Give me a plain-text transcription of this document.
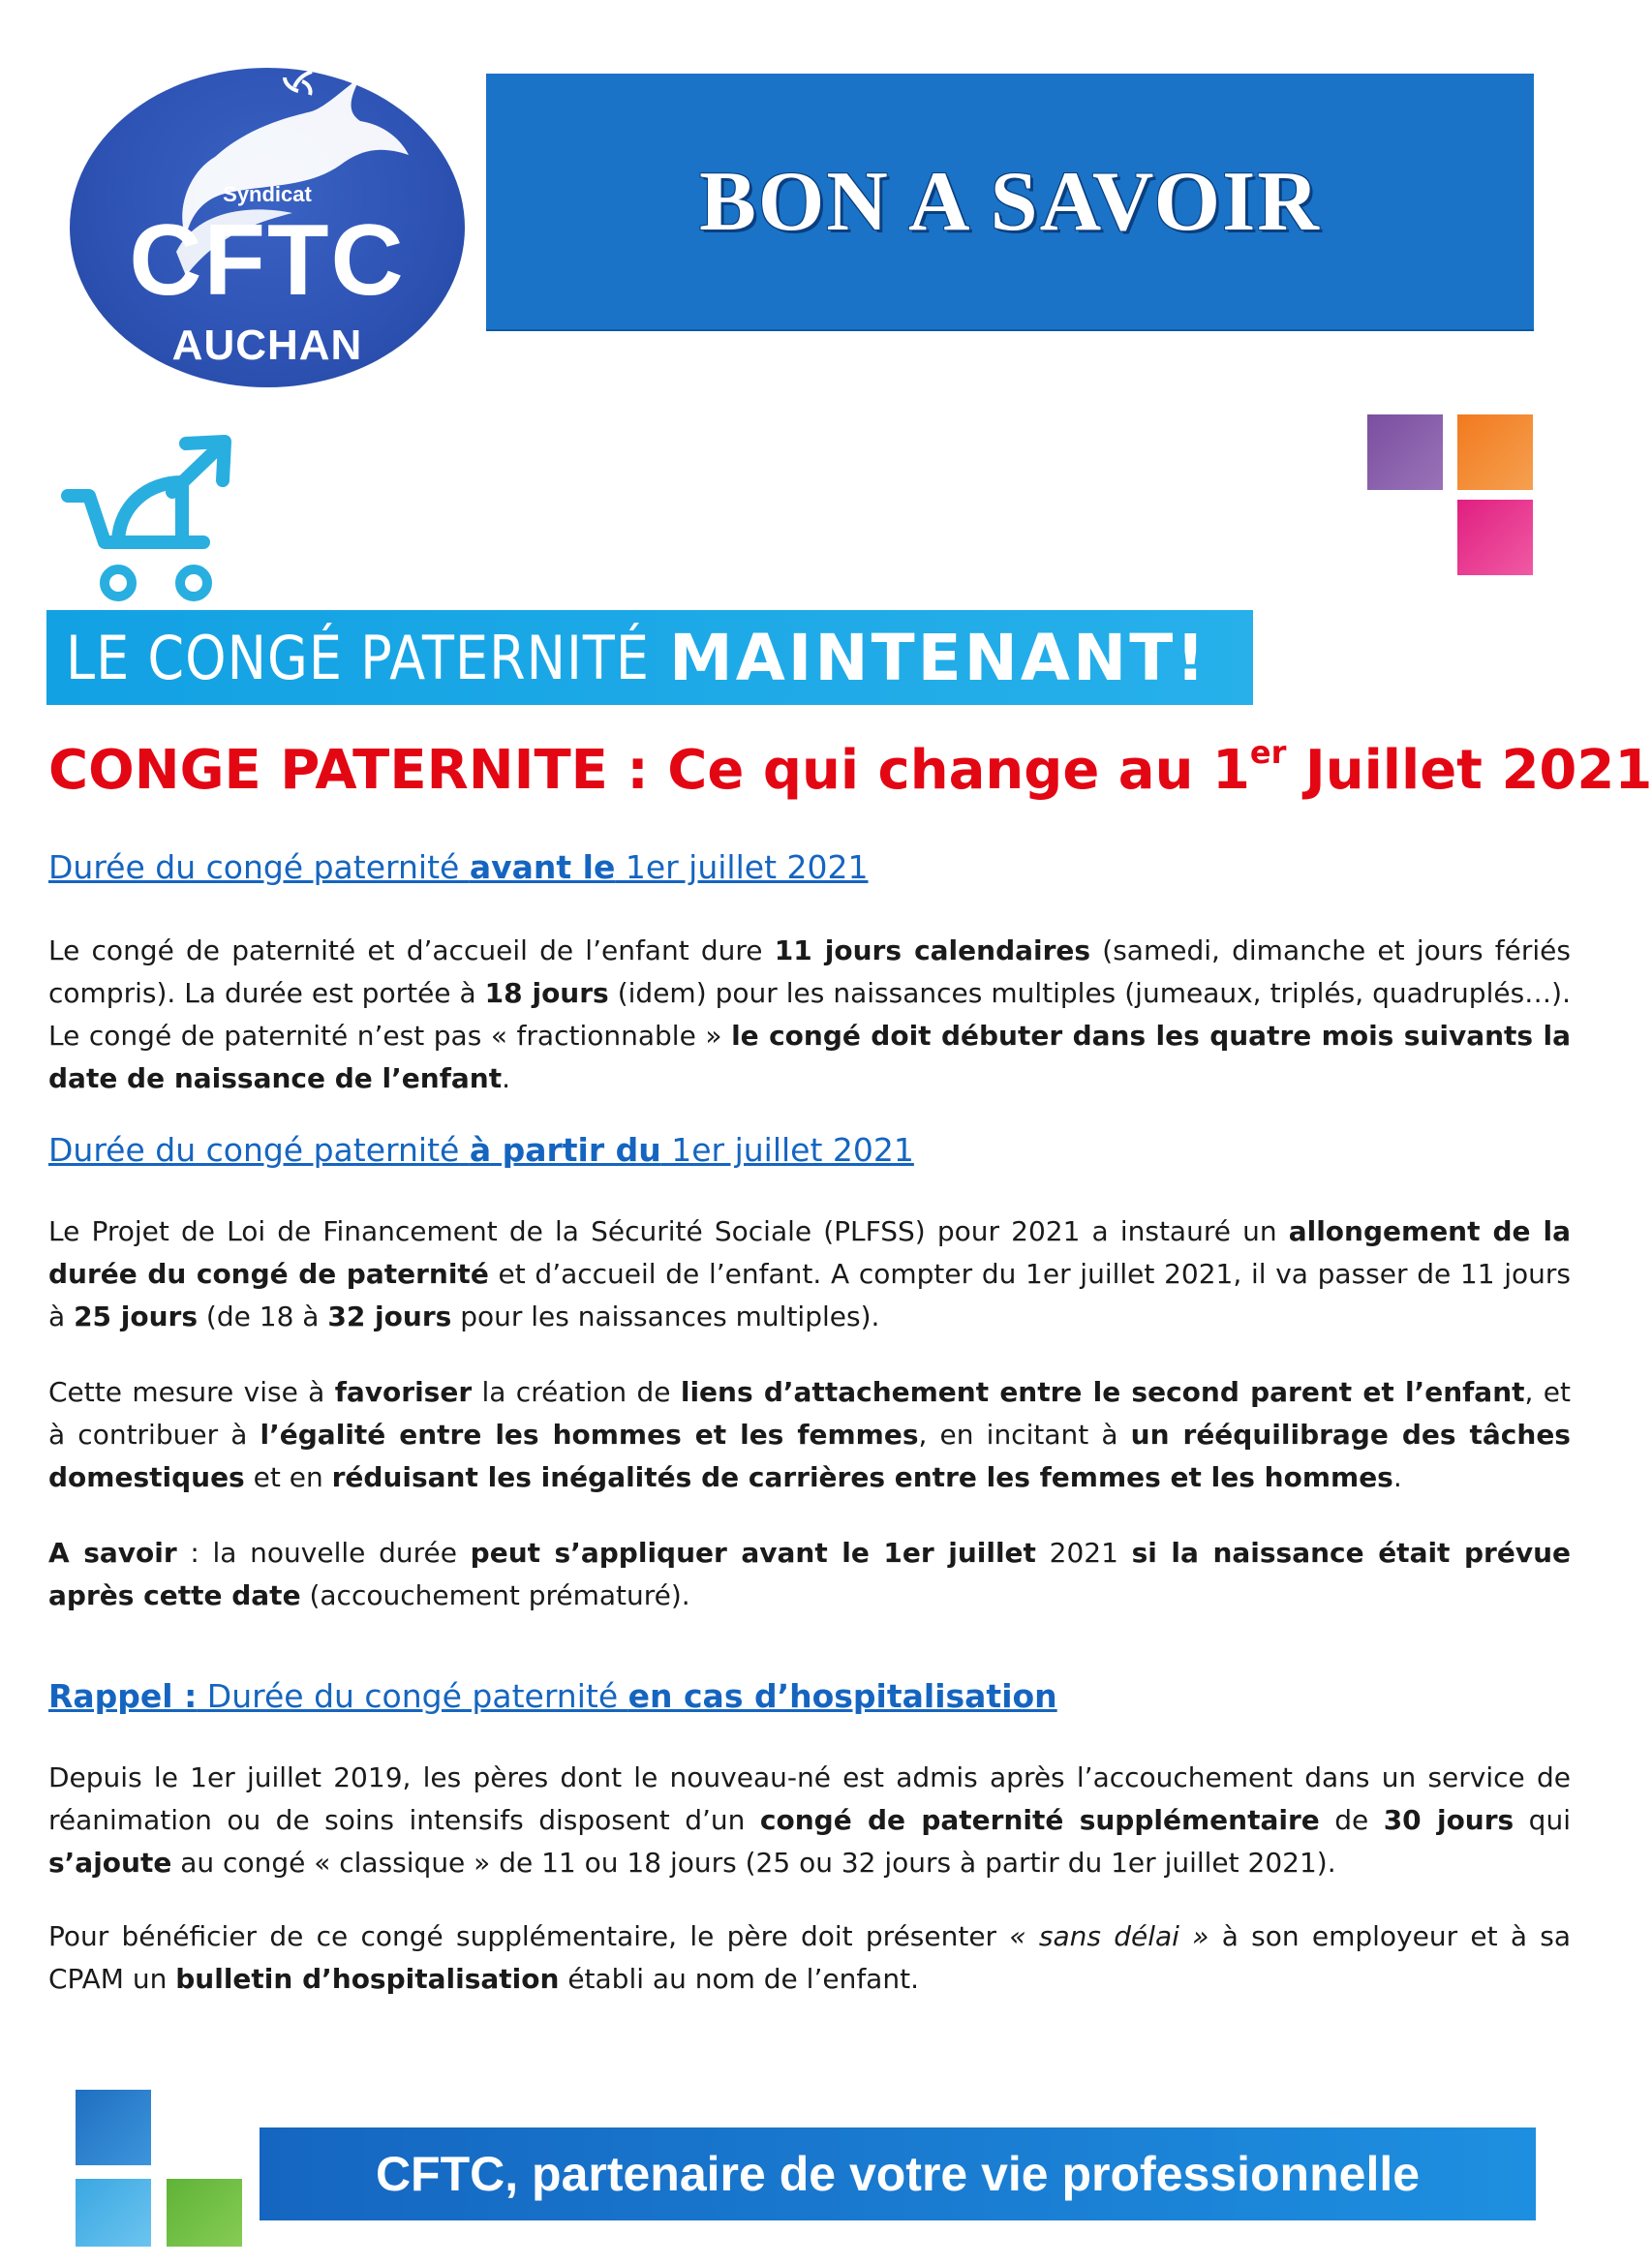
Syndicat
CFTC
AUCHAN
BON A SAVOIR
LE CONGÉ PATERNITÉ MAINTENANT!
CONGE PATERNITE : Ce qui change au 1er Juillet 2021
Durée du congé paternité avant le 1er juillet 2021

Le congé de paternité et d’accueil de l’enfant dure 11 jours calendaires (samedi, dimanche et jours fériés compris). La durée est portée à 18 jours (idem) pour les naissances multiples (jumeaux, triplés, quadruplés…). Le congé de paternité n’est pas « fractionnable » le congé doit débuter dans les quatre mois suivants la date de naissance de l’enfant.

Durée du congé paternité à partir du 1er juillet 2021

Le Projet de Loi de Financement de la Sécurité Sociale (PLFSS) pour 2021 a instauré un allongement de la durée du congé de paternité et d’accueil de l’enfant. A compter du 1er juillet 2021, il va passer de 11 jours à 25 jours (de 18 à 32 jours pour les naissances multiples).

Cette mesure vise à favoriser la création de liens d’attachement entre le second parent et l’enfant, et à contribuer à l’égalité entre les hommes et les femmes, en incitant à un rééquilibrage des tâches domestiques et en réduisant les inégalités de carrières entre les femmes et les hommes.

A savoir : la nouvelle durée peut s’appliquer avant le 1er juillet 2021 si la naissance était prévue après cette date (accouchement prématuré).

Rappel : Durée du congé paternité en cas d’hospitalisation

Depuis le 1er juillet 2019, les pères dont le nouveau-né est admis après l’accouchement dans un service de réanimation ou de soins intensifs disposent d’un congé de paternité supplémentaire de 30 jours qui s’ajoute au congé « classique » de 11 ou 18 jours (25 ou 32 jours à partir du 1er juillet 2021).

Pour bénéficier de ce congé supplémentaire, le père doit présenter « sans délai » à son employeur et à sa CPAM un bulletin d’hospitalisation établi au nom de l’enfant.

CFTC, partenaire de votre vie professionnelle
